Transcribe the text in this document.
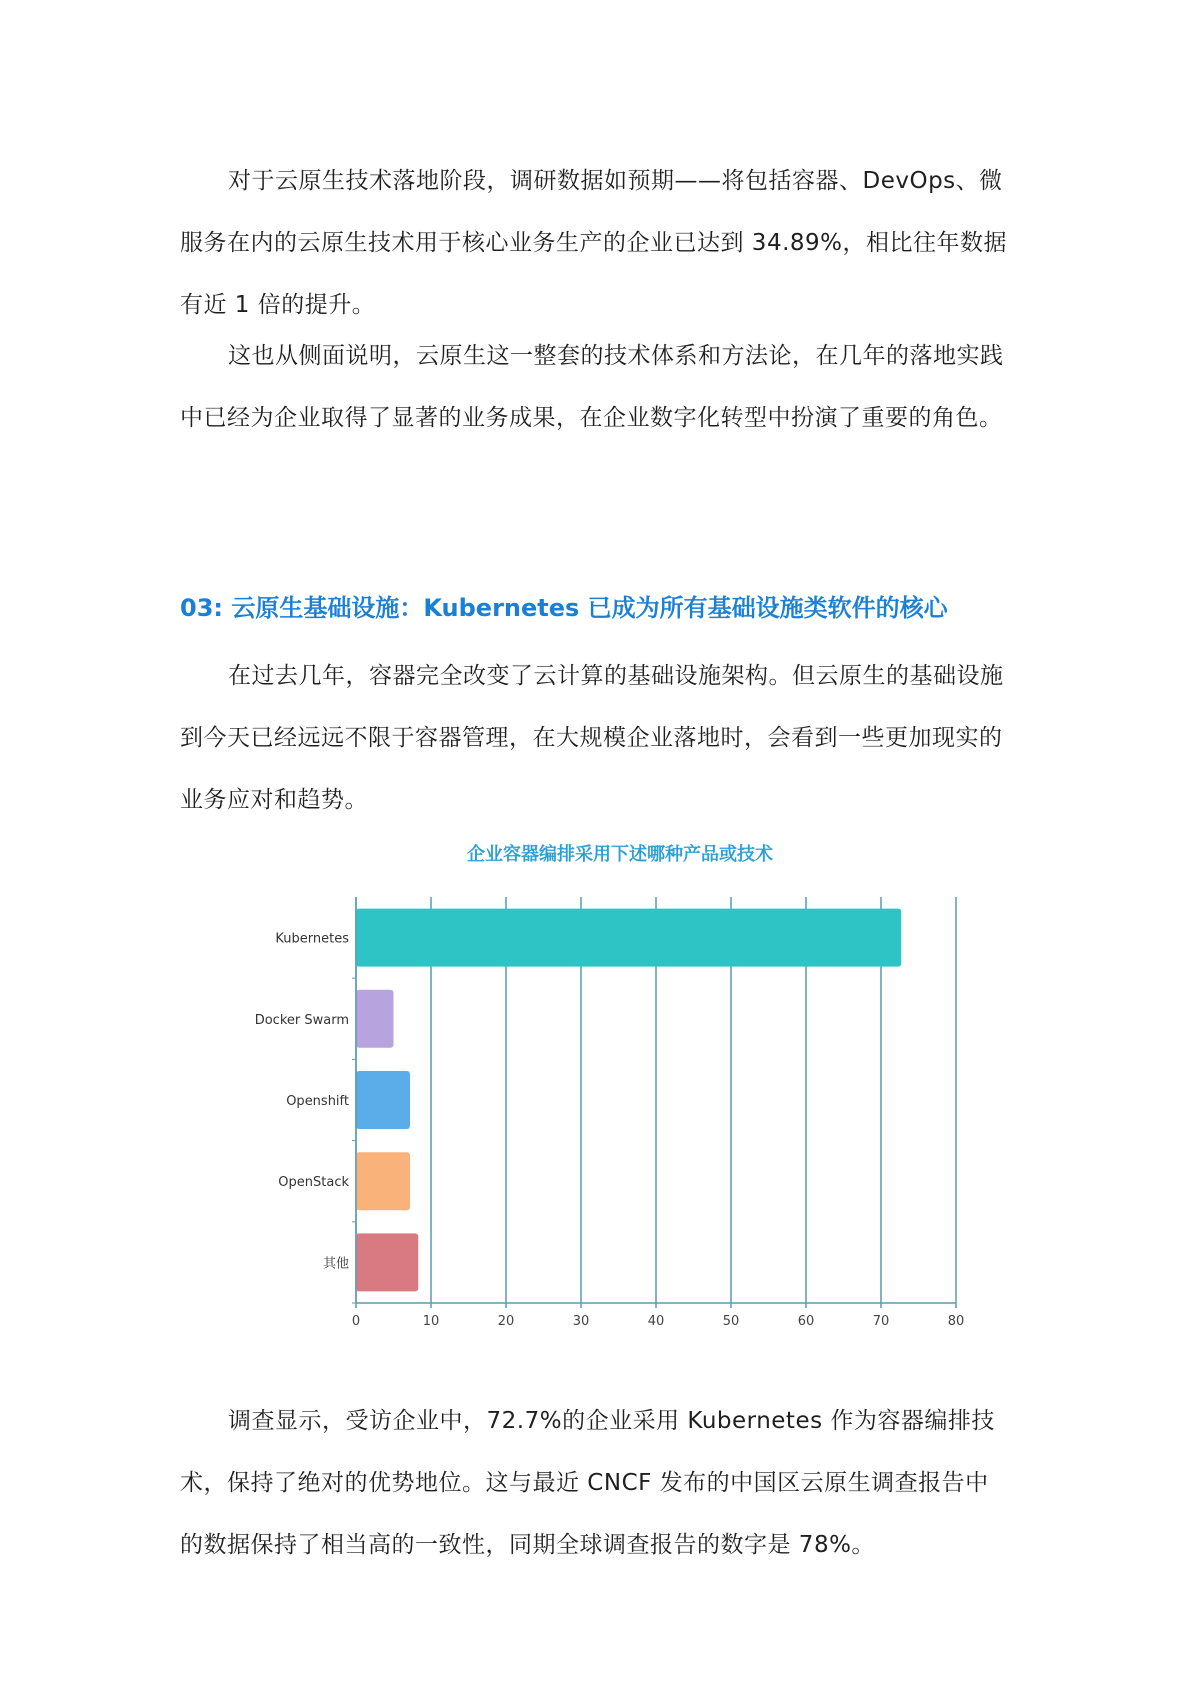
对于云原生技术落地阶段，调研数据如预期——将包括容器、DevOps、微服务在内的云原生技术用于核心业务生产的企业已达到 34.89%，相比往年数据有近 1 倍的提升。
这也从侧面说明，云原生这一整套的技术体系和方法论，在几年的落地实践中已经为企业取得了显著的业务成果，在企业数字化转型中扮演了重要的角色。
03: 云原生基础设施：Kubernetes 已成为所有基础设施类软件的核心
在过去几年，容器完全改变了云计算的基础设施架构。但云原生的基础设施到今天已经远远不限于容器管理，在大规模企业落地时，会看到一些更加现实的业务应对和趋势。
企业容器编排采用下述哪种产品或技术
0	10	20	30	40	50	60	70	80
Kubernetes
Docker Swarm
Openshift
OpenStack
其他
调查显示，受访企业中，72.7%的企业采用 Kubernetes 作为容器编排技术，保持了绝对的优势地位。这与最近 CNCF 发布的中国区云原生调查报告中的数据保持了相当高的一致性，同期全球调查报告的数字是 78%。
